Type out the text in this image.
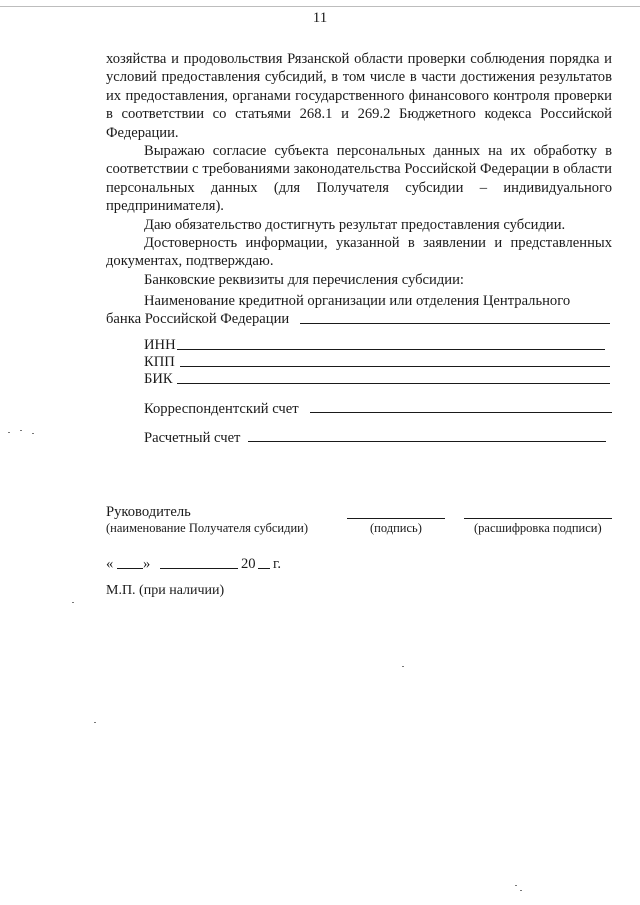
11

хозяйства и продовольствия Рязанской области проверки соблюдения порядка и условий предоставления субсидий, в том числе в части достижения результатов их предоставления, органами государственного финансового контроля проверки в соответствии со статьями 268.1 и 269.2 Бюджетного кодекса Российской Федерации.

Выражаю согласие субъекта персональных данных на их обработку в соответствии с требованиями законодательства Российской Федерации в области персональных данных (для Получателя субсидии – индивидуального предпринимателя).

Даю обязательство достигнуть результат предоставления субсидии.

Достоверность информации, указанной в заявлении и представленных документах, подтверждаю.

Банковские реквизиты для перечисления субсидии:

Наименование кредитной организации или отделения Центрального
банка Российской Федерации
ИНН
КПП
БИК
Корреспондентский счет
Расчетный счет
Руководитель
(наименование Получателя субсидии)	(подпись)	(расшифровка подписи)
« »	20 г.
М.П. (при наличии)
